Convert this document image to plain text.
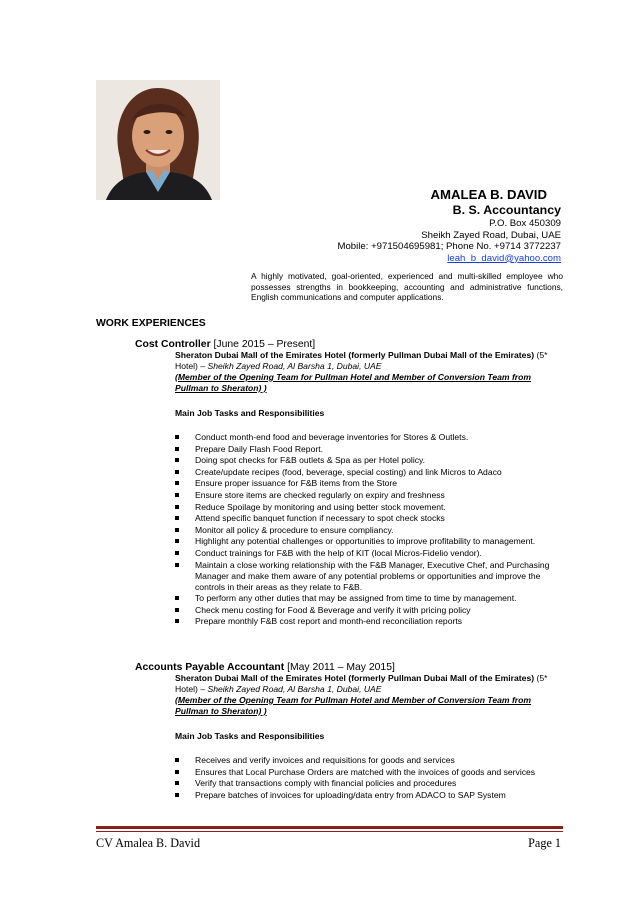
AMALEA B. DAVID
B. S. Accountancy
P.O. Box 450309
Sheikh Zayed Road, Dubai, UAE
Mobile: +971504695981; Phone No. +9714 3772237
leah_b_david@yahoo.com
A highly motivated, goal-oriented, experienced and multi-skilled employee who possesses strengths in bookkeeping, accounting and administrative functions, English communications and computer applications.
WORK EXPERIENCES
Cost Controller [June 2015 – Present]
Sheraton Dubai Mall of the Emirates Hotel (formerly Pullman Dubai Mall of the Emirates) (5* Hotel) – Sheikh Zayed Road, Al Barsha 1, Dubai, UAE
(Member of the Opening Team for Pullman Hotel and Member of Conversion Team from Pullman to Sheraton) )
Main Job Tasks and Responsibilities
Conduct month-end food and beverage inventories for Stores & Outlets.
Prepare Daily Flash Food Report.
Doing spot checks for F&B outlets & Spa as per Hotel policy.
Create/update recipes (food, beverage, special costing) and link Micros to Adaco
Ensure proper issuance for F&B items from the Store
Ensure store items are checked regularly on expiry and freshness
Reduce Spoilage by monitoring and using better stock movement.
Attend specific banquet function if necessary to spot check stocks
Monitor all policy & procedure to ensure compliancy.
Highlight any potential challenges or opportunities to improve profitability to management.
Conduct trainings for F&B with the help of KIT (local Micros-Fidelio vendor).
Maintain a close working relationship with the F&B Manager, Executive Chef, and Purchasing Manager and make them aware of any potential problems or opportunities and improve the controls in their areas as they relate to F&B.
To perform any other duties that may be assigned from time to time by management.
Check menu costing for Food & Beverage and verify it with pricing policy
Prepare monthly F&B cost report and month-end reconciliation reports
Accounts Payable Accountant [May 2011 – May 2015]
Sheraton Dubai Mall of the Emirates Hotel (formerly Pullman Dubai Mall of the Emirates) (5* Hotel) – Sheikh Zayed Road, Al Barsha 1, Dubai, UAE
(Member of the Opening Team for Pullman Hotel and Member of Conversion Team from Pullman to Sheraton) )
Main Job Tasks and Responsibilities
Receives and verify invoices and requisitions for goods and services
Ensures that Local Purchase Orders are matched with the invoices of goods and services
Verify that transactions comply with financial policies and procedures
Prepare batches of invoices for uploading/data entry from ADACO to SAP System
CV Amalea B. David	Page 1
